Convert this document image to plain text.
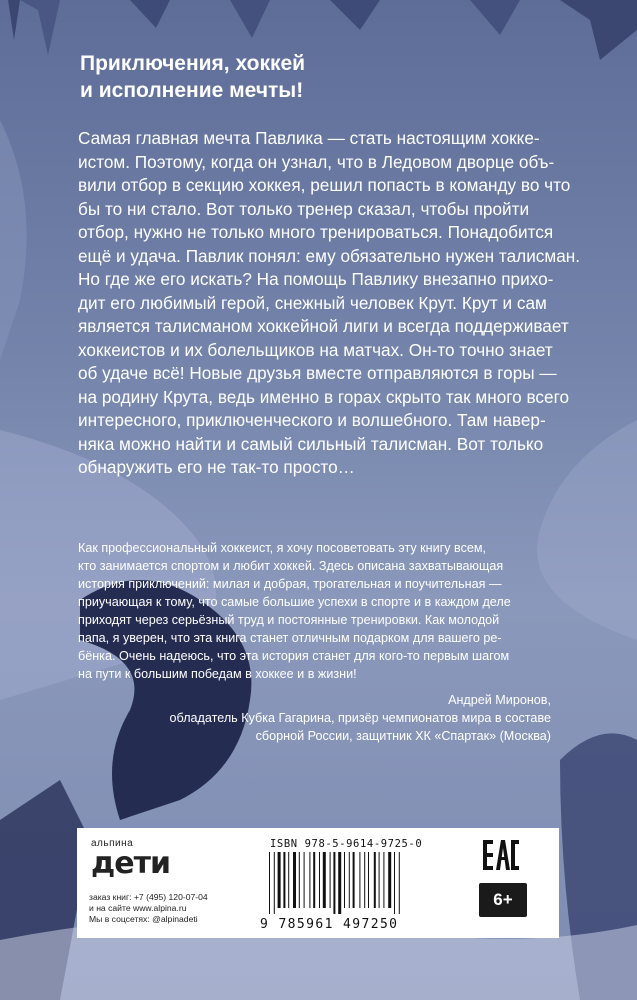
Приключения, хоккей
и исполнение мечты!
Самая главная мечта Павлика — стать настоящим хокке-
истом. Поэтому, когда он узнал, что в Ледовом дворце объ-
вили отбор в секцию хоккея, решил попасть в команду во что
бы то ни стало. Вот только тренер сказал, чтобы пройти
отбор, нужно не только много тренироваться. Понадобится
ещё и удача. Павлик понял: ему обязательно нужен талисман.
Но где же его искать? На помощь Павлику внезапно прихо-
дит его любимый герой, снежный человек Крут. Крут и сам
является талисманом хоккейной лиги и всегда поддерживает
хоккеистов и их болельщиков на матчах. Он-то точно знает
об удаче всё! Новые друзья вместе отправляются в горы —
на родину Крута, ведь именно в горах скрыто так много всего
интересного, приключенческого и волшебного. Там навер-
няка можно найти и самый сильный талисман. Вот только
обнаружить его не так-то просто…
Как профессиональный хоккеист, я хочу посоветовать эту книгу всем,
кто занимается спортом и любит хоккей. Здесь описана захватывающая
история приключений: милая и добрая, трогательная и поучительная —
приучающая к тому, что самые большие успехи в спорте и в каждом деле
приходят через серьёзный труд и постоянные тренировки. Как молодой
папа, я уверен, что эта книга станет отличным подарком для вашего ре-
бёнка. Очень надеюсь, что эта история станет для кого-то первым шагом
на пути к большим победам в хоккее и в жизни!
Андрей Миронов,
обладатель Кубка Гагарина, призёр чемпионатов мира в составе
сборной России, защитник ХК «Спартак» (Москва)
альпина
дети
заказ книг: +7 (495) 120-07-04
и на сайте www.alpina.ru
Мы в соцсетях: @alpinadeti
ISBN 978-5-9614-9725-0
9 785961 497250
6+
